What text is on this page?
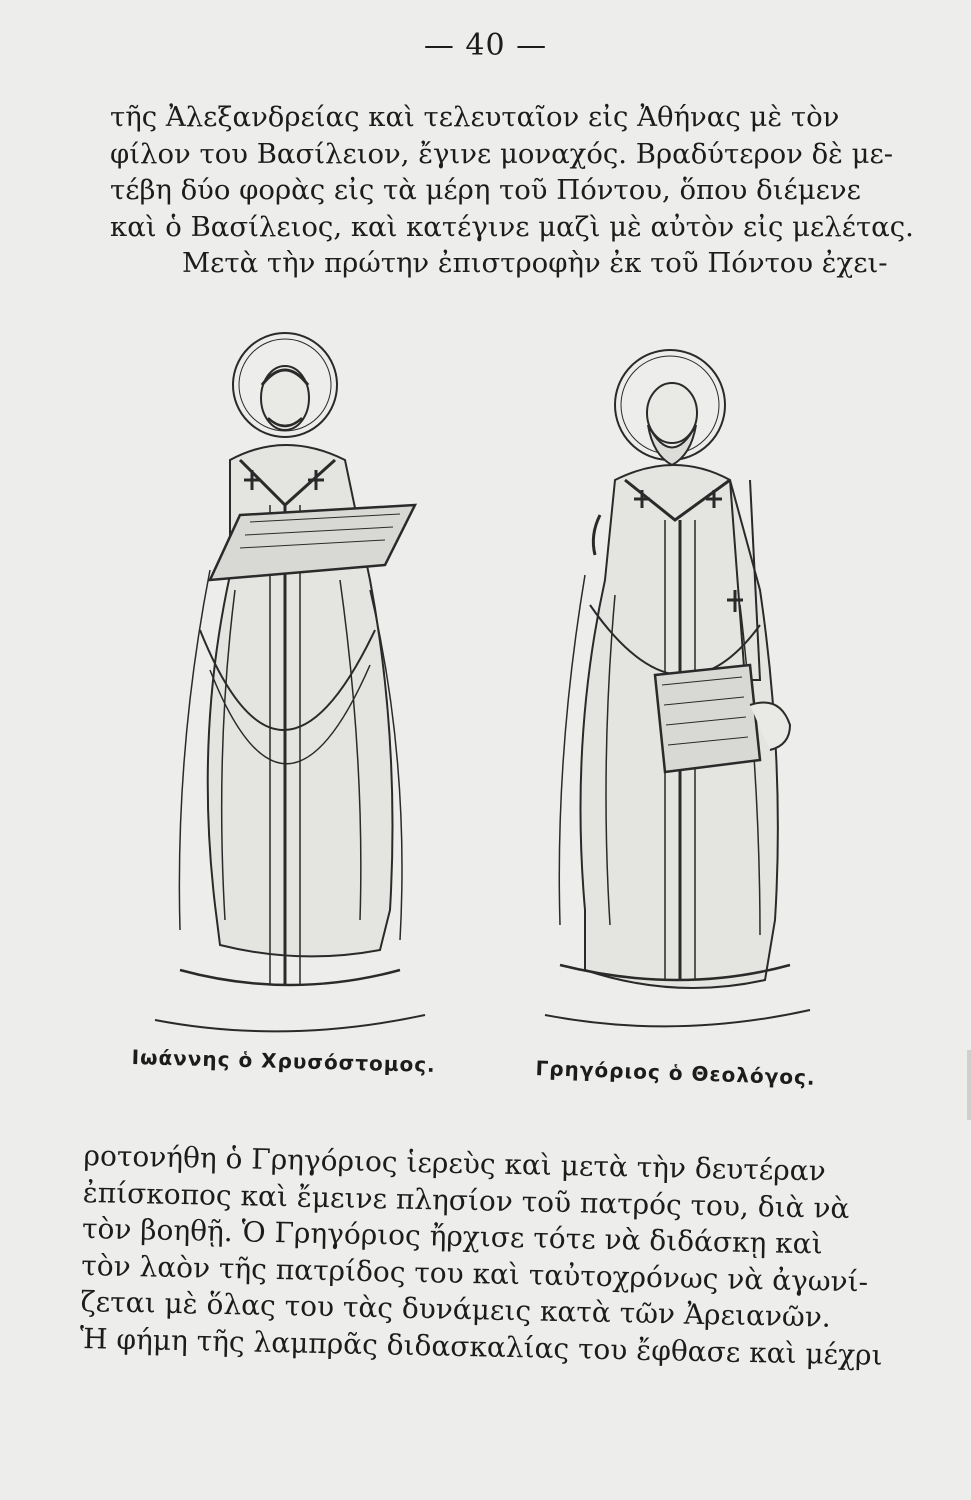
— 40 —

τῆς Ἀλεξανδρείας καὶ τελευταῖον εἰς Ἀθήνας μὲ τὸν
φίλον του Βασίλειον, ἔγινε μοναχός. Βραδύτερον δὲ με-
τέβη δύο φορὰς εἰς τὰ μέρη τοῦ Πόντου, ὅπου διέμενε
καὶ ὁ Βασίλειος, καὶ κατέγινε μαζὶ μὲ αὐτὸν εἰς μελέτας.
Μετὰ τὴν πρώτην ἐπιστροφὴν ἐκ τοῦ Πόντου ἐχει-

Ιωάννης ὁ Χρυσόστομος.	Γρηγόριος ὁ Θεολόγος.

ροτονήθη ὁ Γρηγόριος ἱερεὺς καὶ μετὰ τὴν δευτέραν
ἐπίσκοπος καὶ ἔμεινε πλησίον τοῦ πατρός του, διὰ νὰ
τὸν βοηθῇ. Ὁ Γρηγόριος ἤρχισε τότε νὰ διδάσκῃ καὶ
τὸν λαὸν τῆς πατρίδος του καὶ ταὐτοχρόνως νὰ ἀγωνί-
ζεται μὲ ὅλας του τὰς δυνάμεις κατὰ τῶν Ἀρειανῶν.
Ἡ φήμη τῆς λαμπρᾶς διδασκαλίας του ἔφθασε καὶ μέχρι
